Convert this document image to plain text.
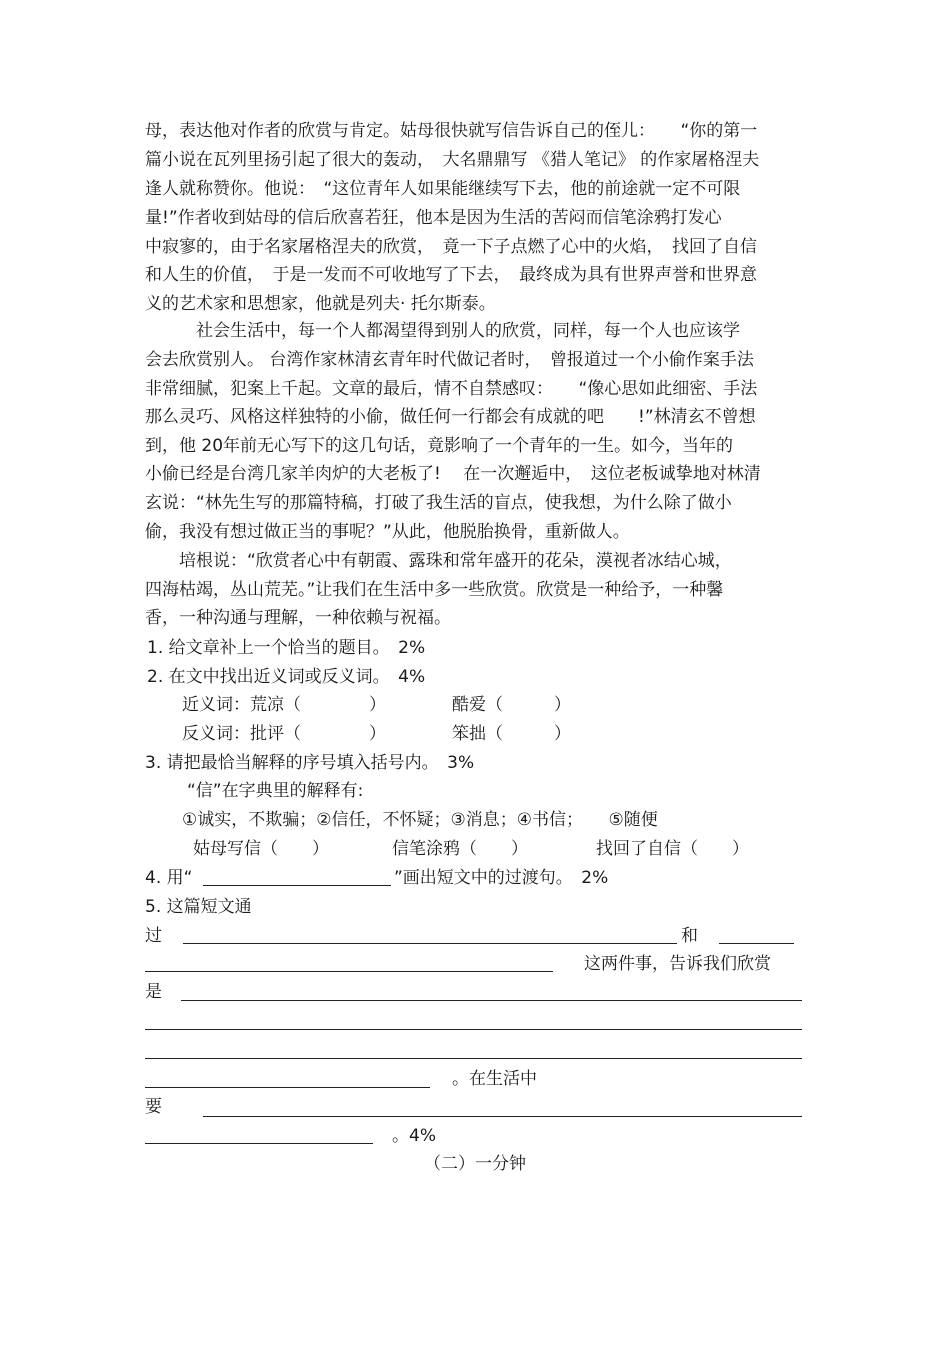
母，表达他对作者的欣赏与肯定。姑母很快就写信告诉自己的侄儿：　　“你的第一
篇小说在瓦列里扬引起了很大的轰动，　大名鼎鼎写 《猎人笔记》 的作家屠格涅夫
逢人就称赞你。他说：　“这位青年人如果能继续写下去，他的前途就一定不可限
量!”作者收到姑母的信后欣喜若狂，他本是因为生活的苦闷而信笔涂鸦打发心
中寂寥的，由于名家屠格涅夫的欣赏，　竟一下子点燃了心中的火焰，　找回了自信
和人生的价值，　于是一发而不可收地写了下去，　最终成为具有世界声誉和世界意
义的艺术家和思想家，他就是列夫· 托尔斯泰。
　　　社会生活中，每一个人都渴望得到别人的欣赏，同样，每一个人也应该学
会去欣赏别人。 台湾作家林清玄青年时代做记者时，　曾报道过一个小偷作案手法
非常细腻，犯案上千起。文章的最后，情不自禁感叹：　　“像心思如此细密、手法
那么灵巧、风格这样独特的小偷，做任何一行都会有成就的吧　　!”林清玄不曾想
到，他 20年前无心写下的这几句话，竟影响了一个青年的一生。如今，当年的
小偷已经是台湾几家羊肉炉的大老板了!　 在一次邂逅中，　这位老板诚挚地对林清
玄说：“林先生写的那篇特稿，打破了我生活的盲点，使我想，为什么除了做小
偷，我没有想过做正当的事呢？”从此，他脱胎换骨，重新做人。
　　培根说：“欣赏者心中有朝霞、露珠和常年盛开的花朵，漠视者冰结心城，
四海枯竭，丛山荒芜。”让我们在生活中多一些欣赏。欣赏是一种给予，一种馨
香，一种沟通与理解，一种依赖与祝福。
1. 给文章补上一个恰当的题目。　2%
2. 在文中找出近义词或反义词。　4%
近义词：荒凉（　　　　）	酷爱（　　　）
反义词：批评（　　　　）	笨拙（　　　）
3. 请把最恰当解释的序号填入括号内。　3%
“信”在字典里的解释有:
①诚实，不欺骗；②信任，不怀疑；③消息；④书信；　　⑤随便
姑母写信（　　）	信笔涂鸦（　　）	找回了自信（　　）
4. 用“	”画出短文中的过渡句。　2%
5. 这篇短文通
过	和
这两件事，告诉我们欣赏
是
。在生活中
要
。4%
（二）一分钟
